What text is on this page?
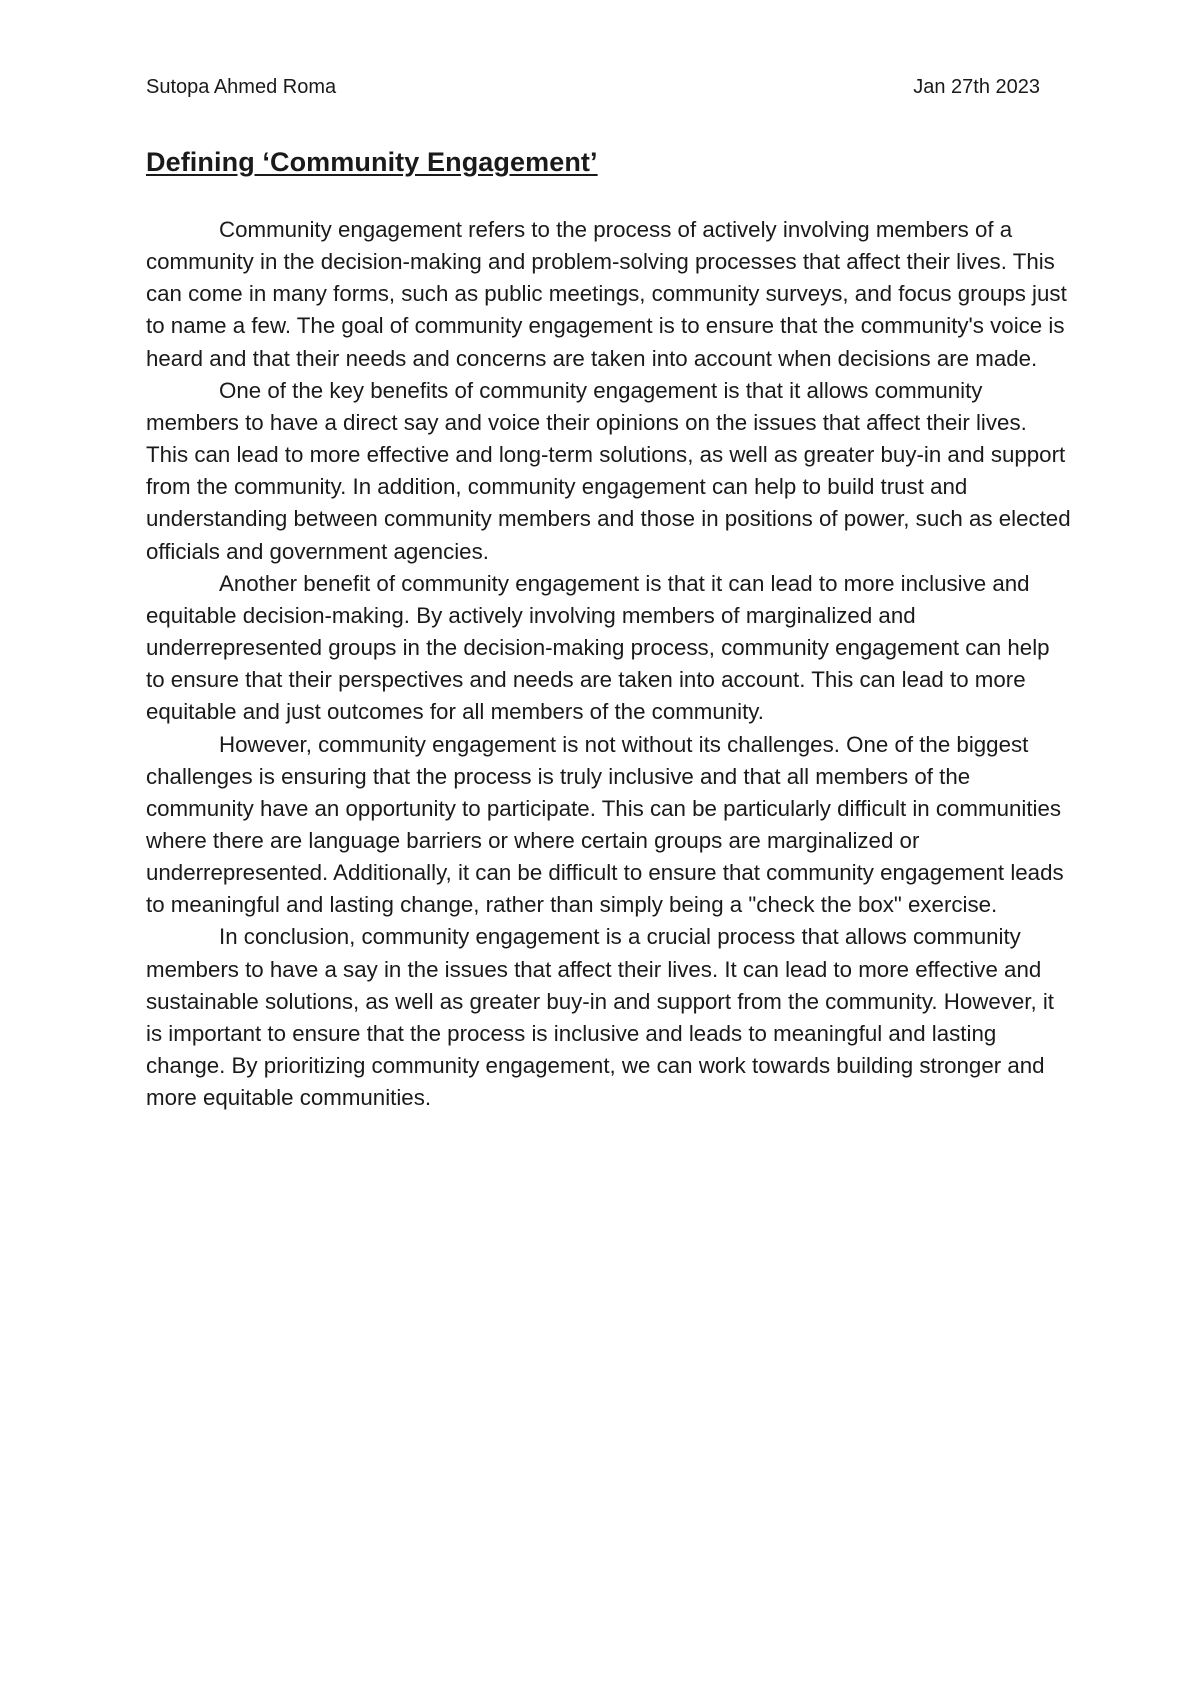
Sutopa Ahmed Roma	Jan 27th 2023
Defining ‘Community Engagement’

Community engagement refers to the process of actively involving members of a community in the decision-making and problem-solving processes that affect their lives. This can come in many forms, such as public meetings, community surveys, and focus groups just to name a few. The goal of community engagement is to ensure that the community's voice is heard and that their needs and concerns are taken into account when decisions are made.

One of the key benefits of community engagement is that it allows community members to have a direct say and voice their opinions on the issues that affect their lives. This can lead to more effective and long-term solutions, as well as greater buy-in and support from the community. In addition, community engagement can help to build trust and understanding between community members and those in positions of power, such as elected officials and government agencies.

Another benefit of community engagement is that it can lead to more inclusive and equitable decision-making. By actively involving members of marginalized and underrepresented groups in the decision-making process, community engagement can help to ensure that their perspectives and needs are taken into account. This can lead to more equitable and just outcomes for all members of the community.

However, community engagement is not without its challenges. One of the biggest challenges is ensuring that the process is truly inclusive and that all members of the community have an opportunity to participate. This can be particularly difficult in communities where there are language barriers or where certain groups are marginalized or underrepresented. Additionally, it can be difficult to ensure that community engagement leads to meaningful and lasting change, rather than simply being a "check the box" exercise.

In conclusion, community engagement is a crucial process that allows community members to have a say in the issues that affect their lives. It can lead to more effective and sustainable solutions, as well as greater buy-in and support from the community. However, it is important to ensure that the process is inclusive and leads to meaningful and lasting change. By prioritizing community engagement, we can work towards building stronger and more equitable communities.
